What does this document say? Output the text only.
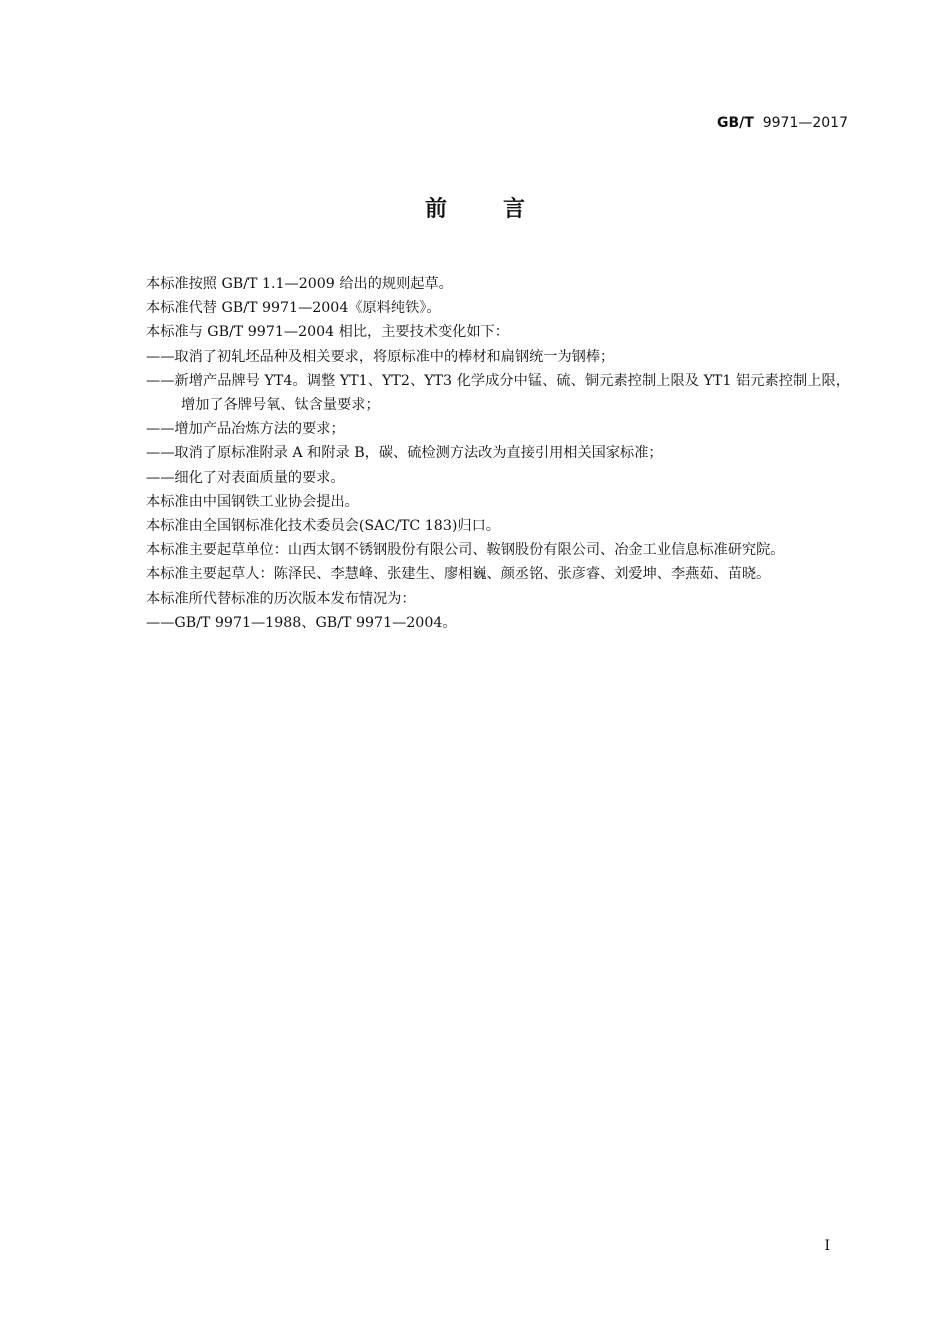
GB/T 9971—2017
前	言

本标准按照 GB/T 1.1—2009 给出的规则起草。

本标准代替 GB/T 9971—2004《原料纯铁》。

本标准与 GB/T 9971—2004 相比，主要技术变化如下：

——取消了初轧坯品种及相关要求，将原标准中的棒材和扁钢统一为钢棒；

——新增产品牌号 YT4。调整 YT1、YT2、YT3 化学成分中锰、硫、铜元素控制上限及 YT1 铝元素控制上限，增加了各牌号氧、钛含量要求；

——增加产品冶炼方法的要求；

——取消了原标准附录 A 和附录 B，碳、硫检测方法改为直接引用相关国家标准；

——细化了对表面质量的要求。

本标准由中国钢铁工业协会提出。

本标准由全国钢标准化技术委员会(SAC/TC 183)归口。

本标准主要起草单位：山西太钢不锈钢股份有限公司、鞍钢股份有限公司、冶金工业信息标准研究院。

本标准主要起草人：陈泽民、李慧峰、张建生、廖相巍、颜丞铭、张彦睿、刘爱坤、李燕茹、苗晓。

本标准所代替标准的历次版本发布情况为：

——GB/T 9971—1988、GB/T 9971—2004。

I
